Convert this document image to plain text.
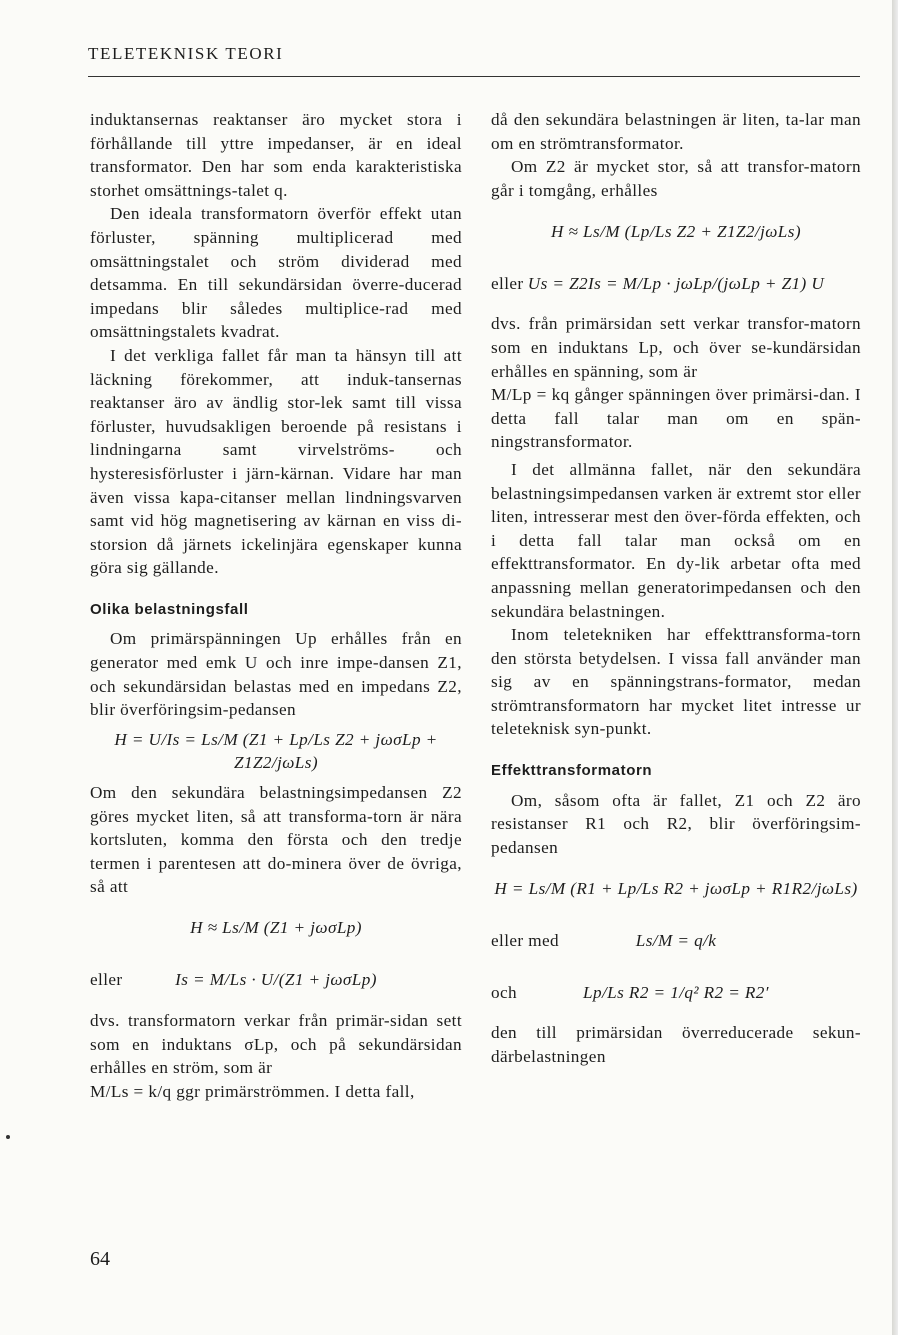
TELETEKNISK TEORI

induktansernas reaktanser äro mycket stora i förhållande till yttre impedanser, är en ideal transformator. Den har som enda karakteristiska storhet omsättnings-talet q.

Den ideala transformatorn överför effekt utan förluster, spänning multiplicerad med omsättningstalet och ström dividerad med detsamma. En till sekundärsidan överre-ducerad impedans blir således multiplice-rad med omsättningstalets kvadrat.

I det verkliga fallet får man ta hänsyn till att läckning förekommer, att induk-tansernas reaktanser äro av ändlig stor-lek samt till vissa förluster, huvudsakligen beroende på resistans i lindningarna samt virvelströms- och hysteresisförluster i järn-kärnan. Vidare har man även vissa kapa-citanser mellan lindningsvarven samt vid hög magnetisering av kärnan en viss di-storsion då järnets ickelinjära egenskaper kunna göra sig gällande.

Olika belastningsfall

Om primärspänningen Up erhålles från en generator med emk U och inre impe-dansen Z1, och sekundärsidan belastas med en impedans Z2, blir överföringsim-pedansen

H = U/Is = Ls/M (Z1 + Lp/Ls Z2 + jωσLp + Z1Z2/jωLs)

Om den sekundära belastningsimpedansen Z2 göres mycket liten, så att transforma-torn är nära kortsluten, komma den första och den tredje termen i parentesen att do-minera över de övriga, så att

H ≈ Ls/M (Z1 + jωσLp)
eller	Is = M/Ls · U/(Z1 + jωσLp)

dvs. transformatorn verkar från primär-sidan sett som en induktans σLp, och på sekundärsidan erhålles en ström, som är

M/Ls = k/q ggr primärströmmen. I detta fall,

64

då den sekundära belastningen är liten, ta-lar man om en strömtransformator.

Om Z2 är mycket stor, så att transfor-matorn går i tomgång, erhålles

H ≈ Ls/M (Lp/Ls Z2 + Z1Z2/jωLs)
eller Us = Z2Is = M/Lp · jωLp/(jωLp + Z1) U

dvs. från primärsidan sett verkar transfor-matorn som en induktans Lp, och över se-kundärsidan erhålles en spänning, som är

M/Lp = kq gånger spänningen över primärsi-dan. I detta fall talar man om en spän-ningstransformator.

I det allmänna fallet, när den sekundära belastningsimpedansen varken är extremt stor eller liten, intresserar mest den över-förda effekten, och i detta fall talar man också om en effekttransformator. En dy-lik arbetar ofta med anpassning mellan generatorimpedansen och den sekundära belastningen.

Inom teletekniken har effekttransforma-torn den största betydelsen. I vissa fall använder man sig av en spänningstrans-formator, medan strömtransformatorn har mycket litet intresse ur teleteknisk syn-punkt.

Effekttransformatorn

Om, såsom ofta är fallet, Z1 och Z2 äro resistanser R1 och R2, blir överföringsim-pedansen

H = Ls/M (R1 + Lp/Ls R2 + jωσLp + R1R2/jωLs)
eller med	Ls/M = q/k
och	Lp/Ls R2 = 1/q² R2 = R2′

den till primärsidan överreducerade sekun-därbelastningen
